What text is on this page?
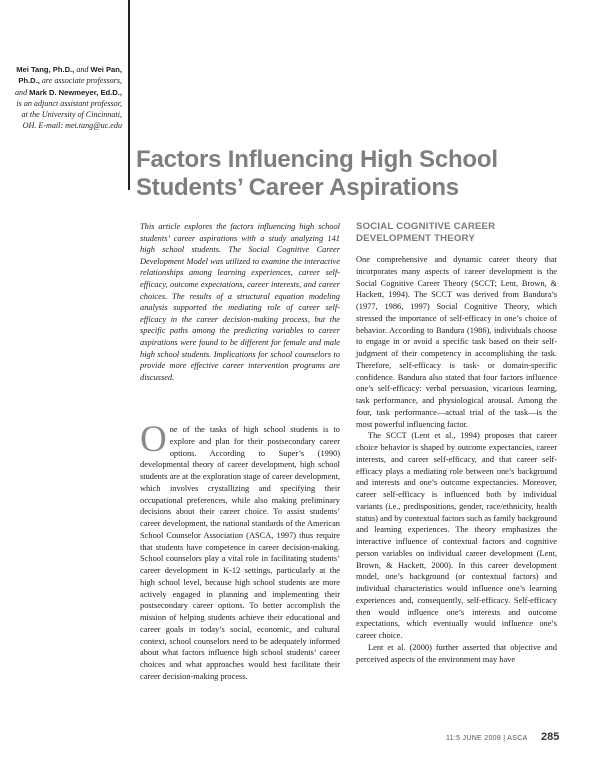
Mei Tang, Ph.D., and Wei Pan, Ph.D., are associate professors, and Mark D. Newmeyer, Ed.D., is an adjunct assistant professor, at the University of Cincinnati, OH. E-mail: mei.tang@uc.edu
Factors Influencing High School
Students’ Career Aspirations
This article explores the factors influencing high school students’ career aspirations with a study analyzing 141 high school students. The Social Cognitive Career Development Model was utilized to examine the interactive relationships among learning experiences, career self-efficacy, outcome expectations, career interests, and career choices. The results of a structural equation modeling analysis supported the mediating role of career self-efficacy in the career decision-making process, but the specific paths among the predicting variables to career aspirations were found to be different for female and male high school students. Implications for school counselors to provide more effective career intervention programs are discussed.
One of the tasks of high school students is to explore and plan for their postsecondary career options. According to Super’s (1990) developmental theory of career development, high school students are at the exploration stage of career development, which involves crystallizing and specifying their occupational preferences, while also making preliminary decisions about their career choice. To assist students’ career development, the national standards of the American School Counselor Association (ASCA, 1997) thus require that students have competence in career decision-making. School counselors play a vital role in facilitating students’ career development in K-12 settings, particularly at the high school level, because high school students are more actively engaged in planning and implementing their postsecondary career options. To better accomplish the mission of helping students achieve their educational and career goals in today’s social, economic, and cultural context, school counselors need to be adequately informed about what factors influence high school students’ career choices and what approaches would best facilitate their career decision-making process.
SOCIAL COGNITIVE CAREER
DEVELOPMENT THEORY

One comprehensive and dynamic career theory that incorporates many aspects of career development is the Social Cognitive Career Theory (SCCT; Lent, Brown, & Hackett, 1994). The SCCT was derived from Bandura’s (1977, 1986, 1997) Social Cognitive Theory, which stressed the importance of self-efficacy in one’s choice of behavior. According to Bandura (1986), individuals choose to engage in or avoid a specific task based on their self-judgment of their competency in accomplishing the task. Therefore, self-efficacy is task- or domain-specific confidence. Bandura also stated that four factors influence one’s self-efficacy: verbal persuasion, vicarious learning, task performance, and physiological arousal. Among the four, task performance—actual trial of the task—is the most powerful influencing factor.

The SCCT (Lent et al., 1994) proposes that career choice behavior is shaped by outcome expectancies, career interests, and career self-efficacy, and that career self-efficacy plays a mediating role between one’s background and interests and one’s outcome expectancies. Moreover, career self-efficacy is influenced both by individual variants (i.e., predispositions, gender, race/ethnicity, health status) and by contextual factors such as family background and learning experiences. The theory emphasizes the interactive influence of contextual factors and cognitive person variables on individual career development (Lent, Brown, & Hackett, 2000). In this career development model, one’s background (or contextual factors) and individual characteristics would influence one’s learning experiences and, consequently, self-efficacy. Self-efficacy then would influence one’s interests and outcome expectations, which eventually would influence one’s career choice.

Lent et al. (2000) further asserted that objective and perceived aspects of the environment may have

11:5 JUNE 2008 | ASCA 285
